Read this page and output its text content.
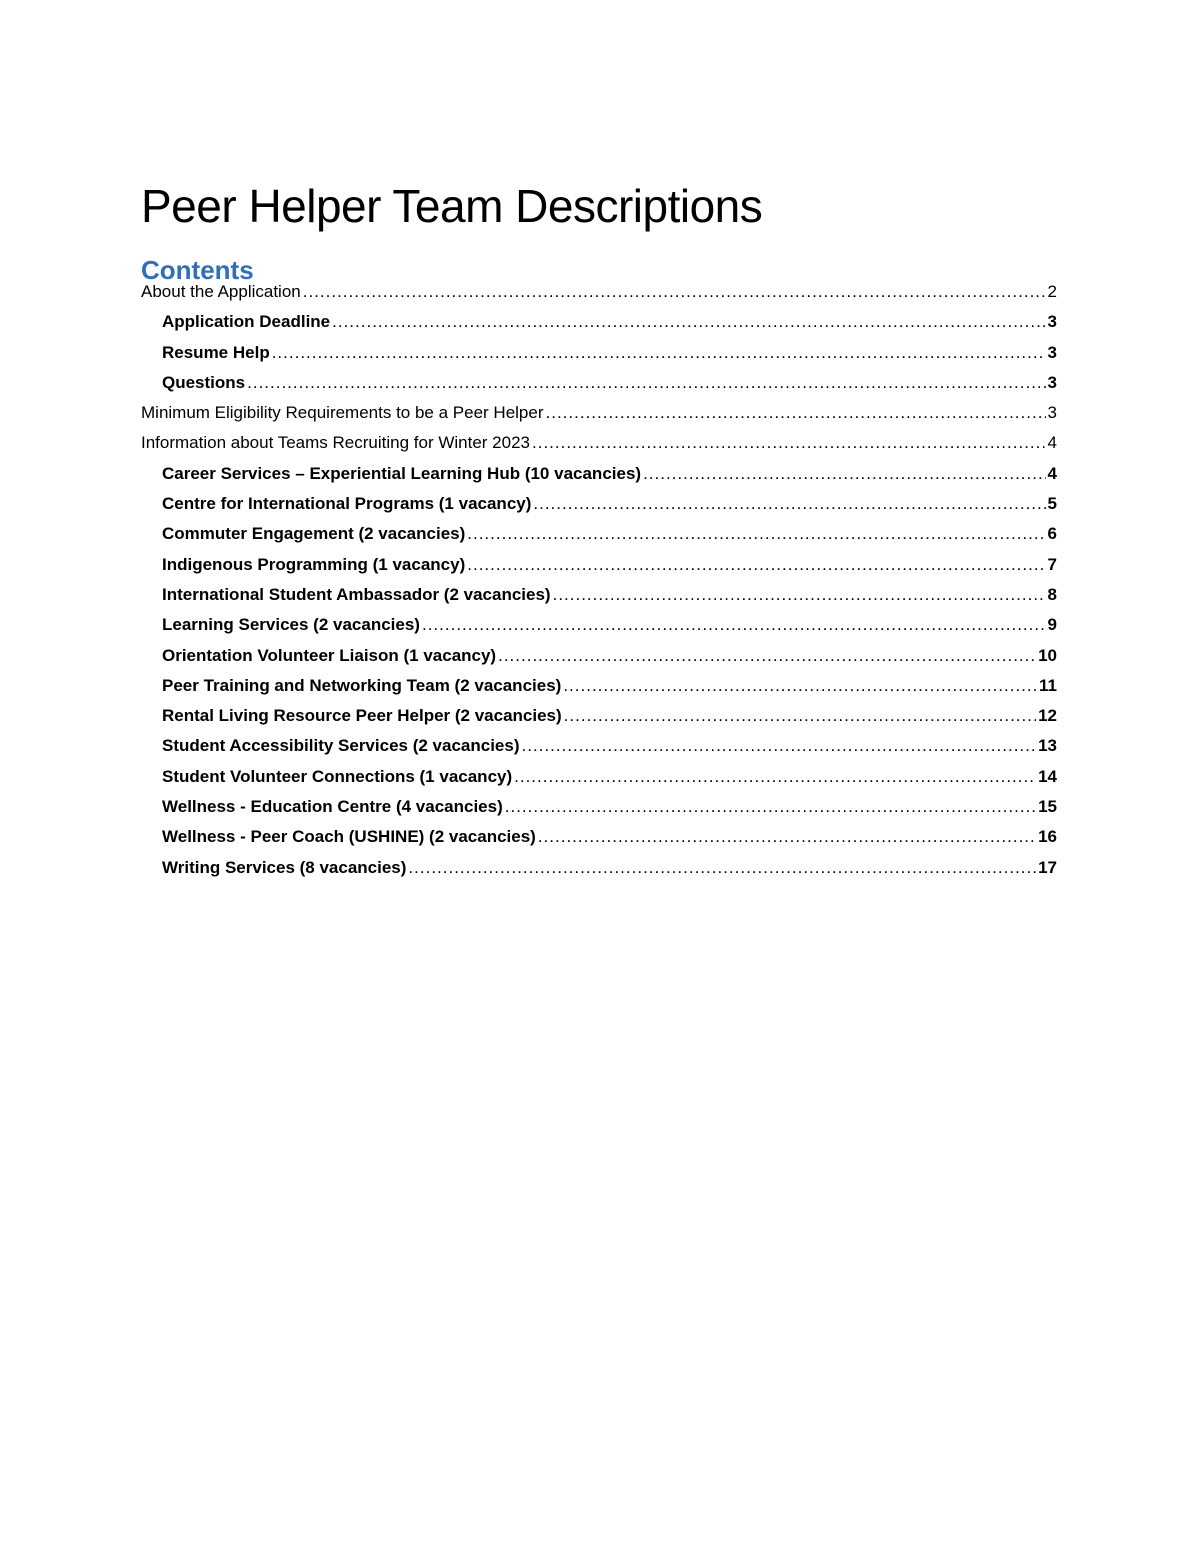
Peer Helper Team Descriptions
Contents
About the Application .....	2
Application Deadline .....	3
Resume Help .....	3
Questions .....	3
Minimum Eligibility Requirements to be a Peer Helper .....	3
Information about Teams Recruiting for Winter 2023 .....	4
Career Services – Experiential Learning Hub (10 vacancies) .....	4
Centre for International Programs (1 vacancy) .....	5
Commuter Engagement (2 vacancies) .....	6
Indigenous Programming (1 vacancy) .....	7
International Student Ambassador (2 vacancies) .....	8
Learning Services (2 vacancies) .....	9
Orientation Volunteer Liaison (1 vacancy) .....	10
Peer Training and Networking Team (2 vacancies) .....	11
Rental Living Resource Peer Helper (2 vacancies) .....	12
Student Accessibility Services (2 vacancies) .....	13
Student Volunteer Connections (1 vacancy) .....	14
Wellness - Education Centre (4 vacancies) .....	15
Wellness - Peer Coach (USHINE) (2 vacancies) .....	16
Writing Services (8 vacancies) .....	17
